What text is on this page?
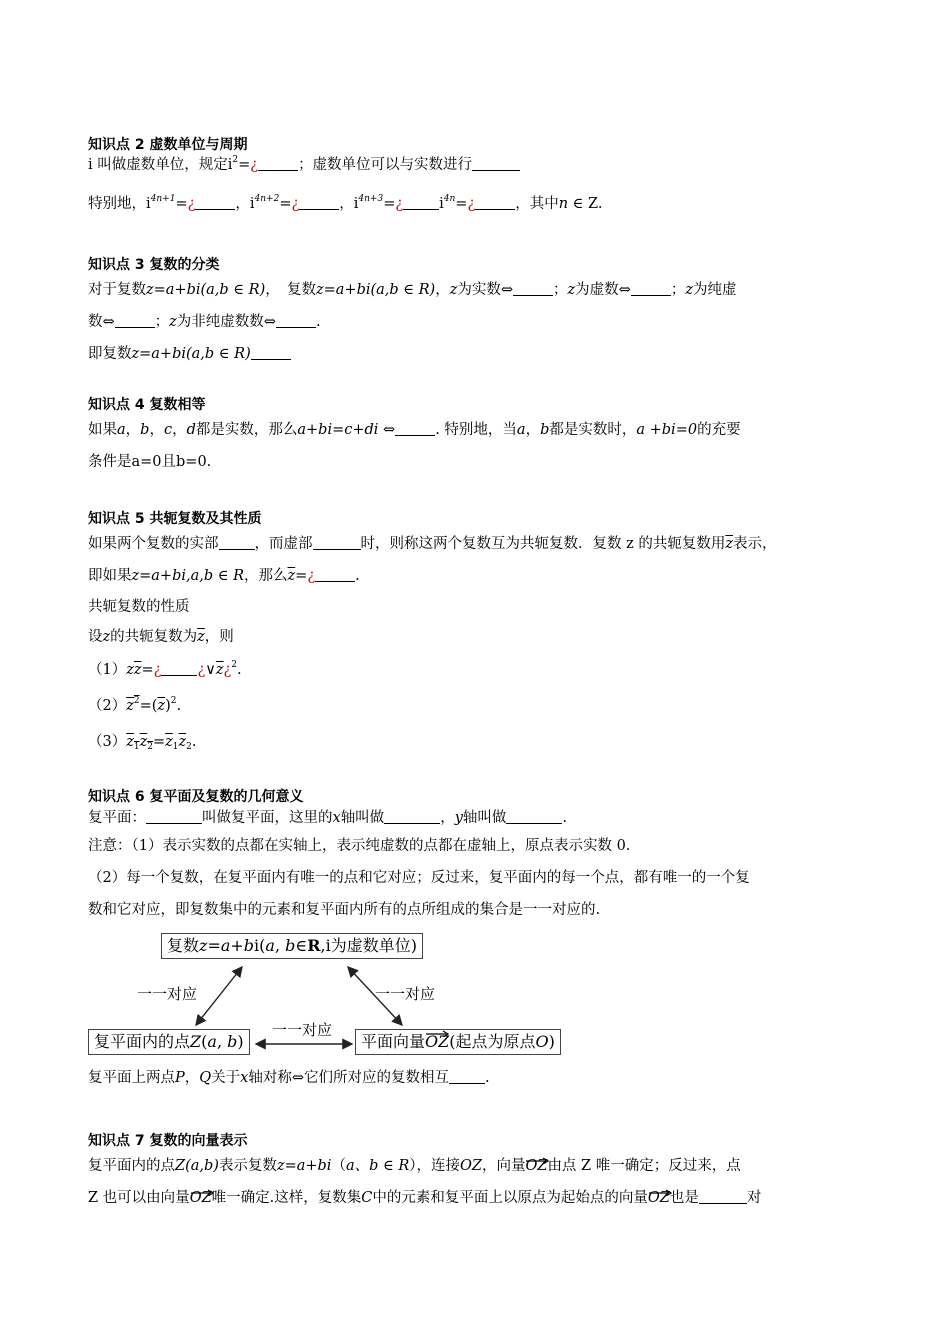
知识点 2 虚数单位与周期
i 叫做虚数单位，规定$i^2=¿$	；虚数单位可以与实数进行
特别地，$i^{4n+1}=¿$	，$i^{4n+2}=¿$	，$i^{4n+3}=¿$ $i^{4n}=¿$	，其中n ∈ Z.
知识点 3 复数的分类
对于复数z=a+bi(a,b ∈ R)，　复数z=a+bi(a,b ∈ R)，z为实数⇔	；z为虚数⇔	；z为纯虚
数⇔	；z为非纯虚数数⇔	.
即复数z=a+bi(a,b ∈ R)
知识点 4 复数相等
如果a，b，c，d都是实数，那么a+bi=c+di ⇔	. 特别地，当a，b都是实数时，a +bi=0的充要
条件是a=0且b=0.
知识点 5 共轭复数及其性质
如果两个复数的实部 ，而虚部	时，则称这两个复数互为共轭复数．复数 z 的共轭复数用$\overline{z}$表示，
即如果z=a+bi,a,b ∈ R，那么$\overline{z}=¿$	.
共轭复数的性质
设z的共轭复数为$\overline{z}$，则
$(1)z\overline{z}=¿$ ¿$\vee\overline{z}¿^2$.
$(2)z^2=(\overline{z})^2$.
$(3)z_1z_2=\overline{z}_1\overline{z}_2$.
知识点 6 复平面及复数的几何意义
复平面：	叫做复平面，这里的x轴叫做	，y轴叫做	.
注意：（1）表示实数的点都在实轴上，表示纯虚数的点都在虚轴上，原点表示实数 0.
（2）每一个复数，在复平面内有唯一的点和它对应；反过来，复平面内的每一个点，都有唯一的一个复
数和它对应，即复数集中的元素和复平面内所有的点所组成的集合是一一对应的.
复数z=a+bi(a, b∈R,i为虚数单位)
复平面内的点Z(a, b)	平面向量OZ
(起点为原点O)
一一对应	一一对应
一一对应
复平面上两点P，Q关于x轴对称⇔它们所对应的复数相互 .
知识点 7 复数的向量表示
复平面内的点Z(a,b)表示复数z=a+bi（a、b ∈ R），连接OZ，向量OZ
由点 Z 唯一确定；反过来，点
Z 也可以由向量OZ
唯一确定.这样，复数集C中的元素和复平面上以原点为起始点的向量OZ
也是	对
